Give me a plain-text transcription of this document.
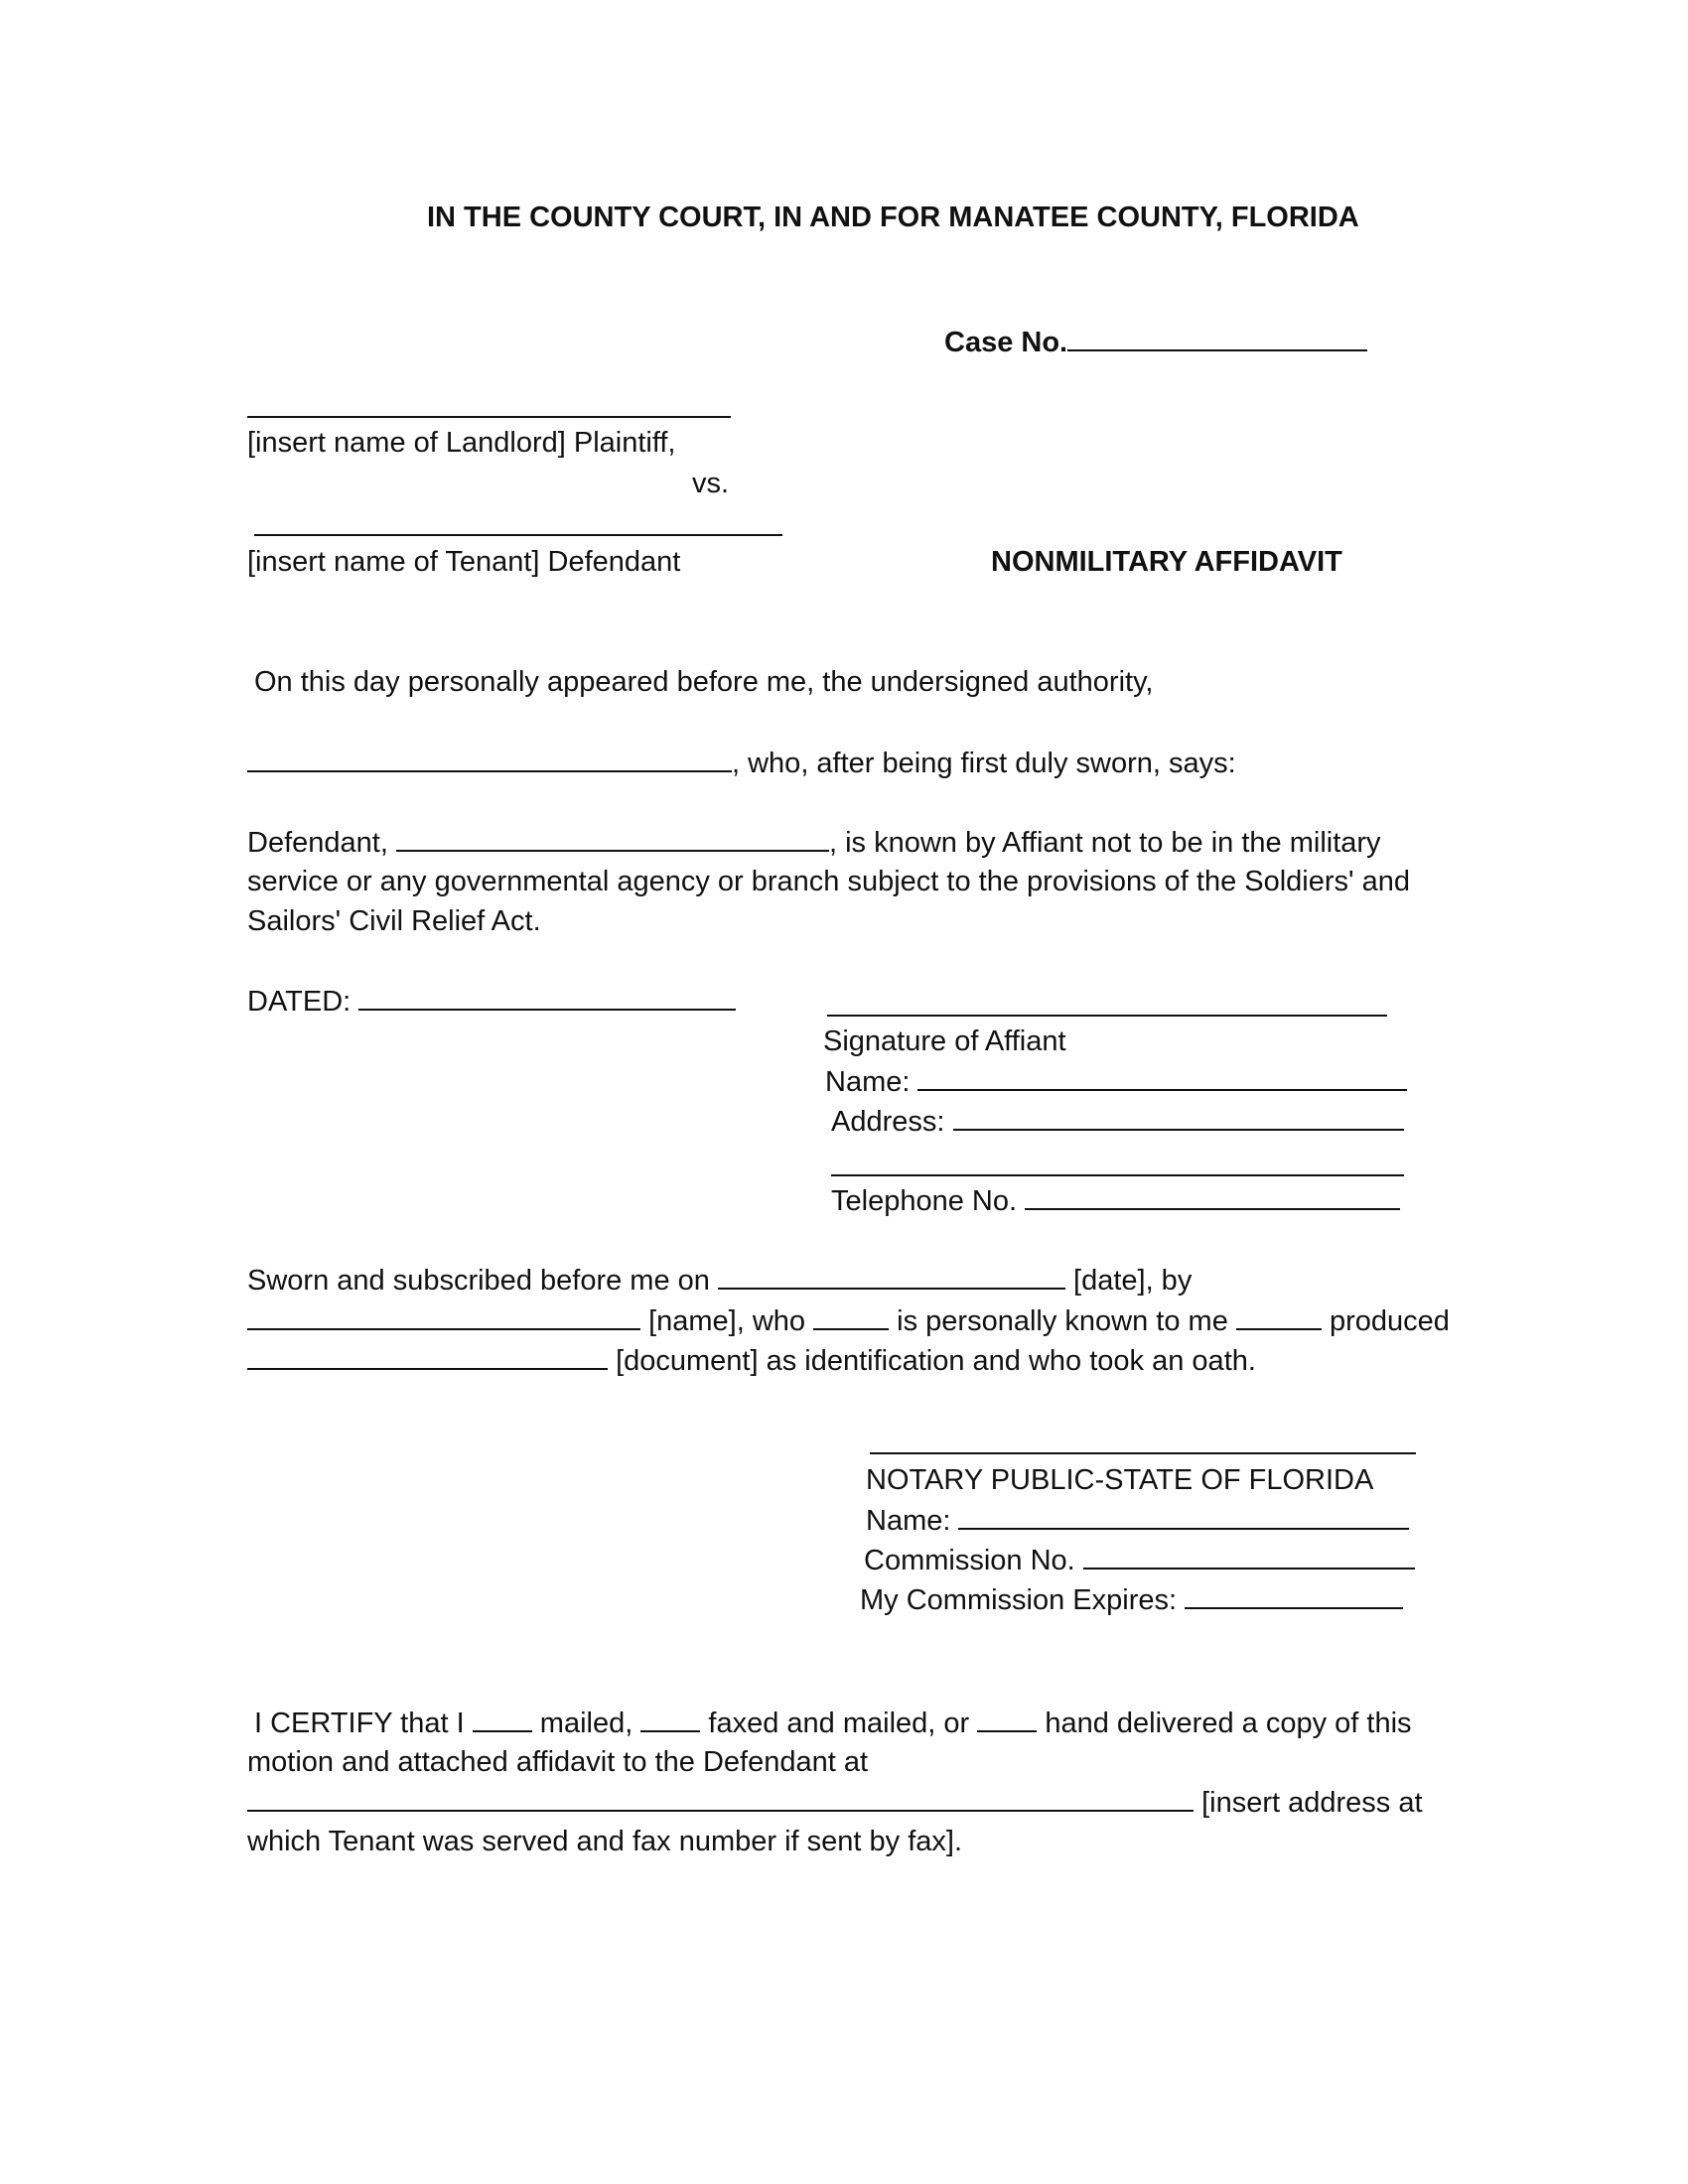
IN THE COUNTY COURT, IN AND FOR MANATEE COUNTY, FLORIDA
Case No.
[insert name of Landlord] Plaintiff,
vs.
[insert name of Tenant] Defendant	NONMILITARY AFFIDAVIT
On this day personally appeared before me, the undersigned authority,
, who, after being first duly sworn, says:
Defendant,	, is known by Affiant not to be in the military
service or any governmental agency or branch subject to the provisions of the Soldiers' and
Sailors' Civil Relief Act.
DATED:
Signature of Affiant
Name:
Address:
Telephone No.
Sworn and subscribed before me on	[date], by
[name], who	is personally known to me	produced
[document] as identification and who took an oath.
NOTARY PUBLIC-STATE OF FLORIDA
Name:
Commission No.
My Commission Expires:
I CERTIFY that I	mailed,	faxed and mailed, or	hand delivered a copy of this
motion and attached affidavit to the Defendant at
[insert address at
which Tenant was served and fax number if sent by fax].
